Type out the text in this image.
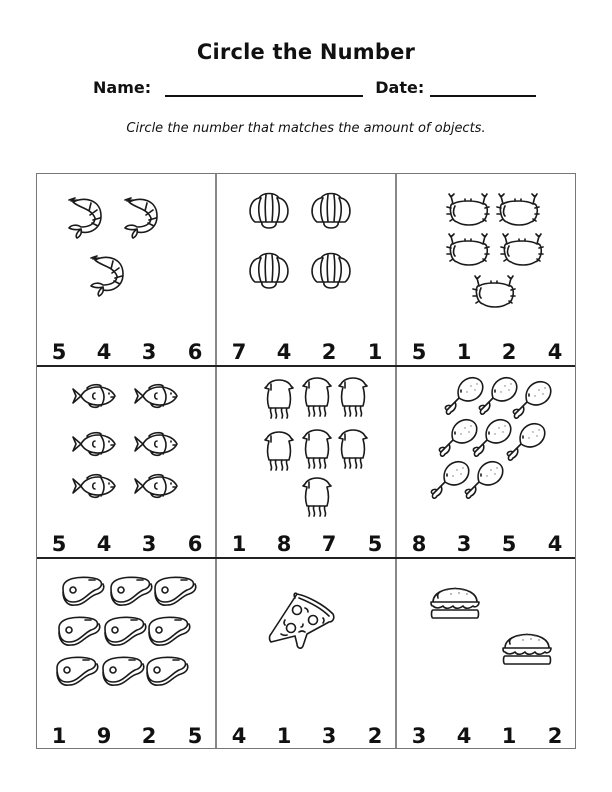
Circle the Number
Name:	Date:
Circle the number that matches the amount of objects.
5 4 3 6 7 4 2 1 5 1 2 4
5 4 3 6 1 8 7 5 8 3 5 4
1 9 2 5 4 1 3 2 3 4 1 2
